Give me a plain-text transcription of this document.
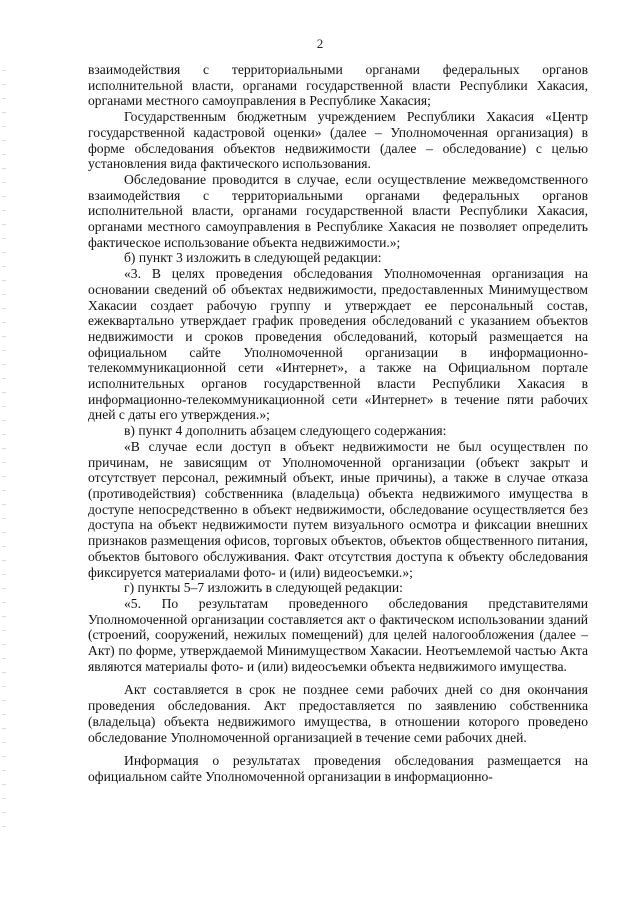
2

взаимодействия с территориальными органами федеральных органов исполнительной власти, органами государственной власти Республики Хакасия, органами местного самоуправления в Республике Хакасия;

Государственным бюджетным учреждением Республики Хакасия «Центр государственной кадастровой оценки» (далее – Уполномоченная организация) в форме обследования объектов недвижимости (далее – обследование) с целью установления вида фактического использования.

Обследование проводится в случае, если осуществление межведомственного взаимодействия с территориальными органами федеральных органов исполнительной власти, органами государственной власти Республики Хакасия, органами местного самоуправления в Республике Хакасия не позволяет определить фактическое использование объекта недвижимости.»;

б) пункт 3 изложить в следующей редакции:

«3. В целях проведения обследования Уполномоченная организация на основании сведений об объектах недвижимости, предоставленных Минимуществом Хакасии создает рабочую группу и утверждает ее персональный состав, ежеквартально утверждает график проведения обследований с указанием объектов недвижимости и сроков проведения обследований, который размещается на официальном сайте Уполномоченной организации в информационно-телекоммуникационной сети «Интернет», а также на Официальном портале исполнительных органов государственной власти Республики Хакасия в информационно-телекоммуникационной сети «Интернет» в течение пяти рабочих дней с даты его утверждения.»;

в) пункт 4 дополнить абзацем следующего содержания:

«В случае если доступ в объект недвижимости не был осуществлен по причинам, не зависящим от Уполномоченной организации (объект закрыт и отсутствует персонал, режимный объект, иные причины), а также в случае отказа (противодействия) собственника (владельца) объекта недвижимого имущества в доступе непосредственно в объект недвижимости, обследование осуществляется без доступа на объект недвижимости путем визуального осмотра и фиксации внешних признаков размещения офисов, торговых объектов, объектов общественного питания, объектов бытового обслуживания. Факт отсутствия доступа к объекту обследования фиксируется материалами фото- и (или) видеосъемки.»;

г) пункты 5–7 изложить в следующей редакции:

«5. По результатам проведенного обследования представителями Уполномоченной организации составляется акт о фактическом использовании зданий (строений, сооружений, нежилых помещений) для целей налогообложения (далее – Акт) по форме, утверждаемой Минимуществом Хакасии. Неотъемлемой частью Акта являются материалы фото- и (или) видеосъемки объекта недвижимого имущества.

Акт составляется в срок не позднее семи рабочих дней со дня окончания проведения обследования. Акт предоставляется по заявлению собственника (владельца) объекта недвижимого имущества, в отношении которого проведено обследование Уполномоченной организацией в течение семи рабочих дней.

Информация о результатах проведения обследования размещается на официальном сайте Уполномоченной организации в информационно-
